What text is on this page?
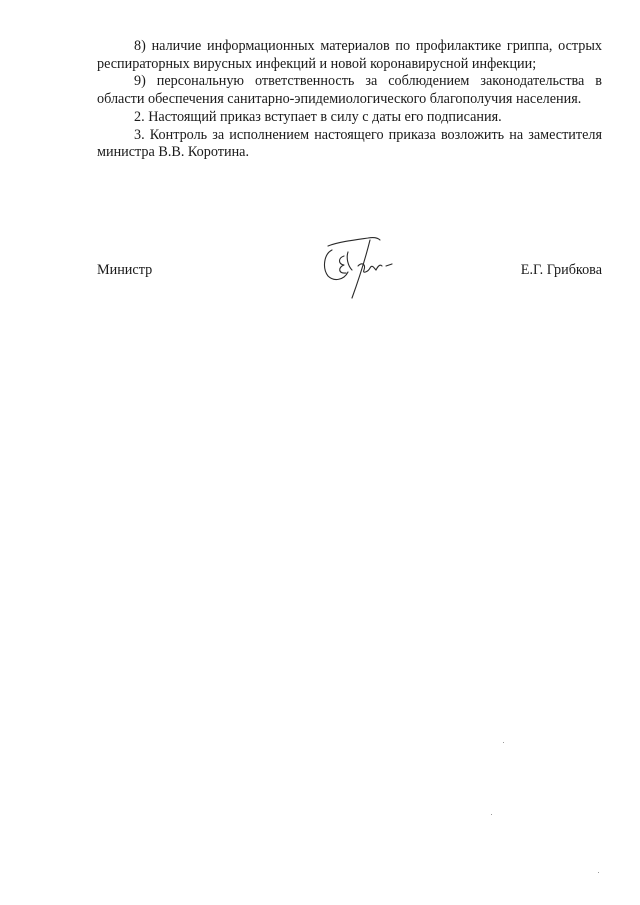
8) наличие информационных материалов по профилактике гриппа, острых респираторных вирусных инфекций и новой коронавирусной инфекции;

9) персональную ответственность за соблюдением законодательства в области обеспечения санитарно-эпидемиологического благополучия населения.

2. Настоящий приказ вступает в силу с даты его подписания.

3. Контроль за исполнением настоящего приказа возложить на заместителя министра В.В. Коротина.

Министр	Е.Г. Грибкова
